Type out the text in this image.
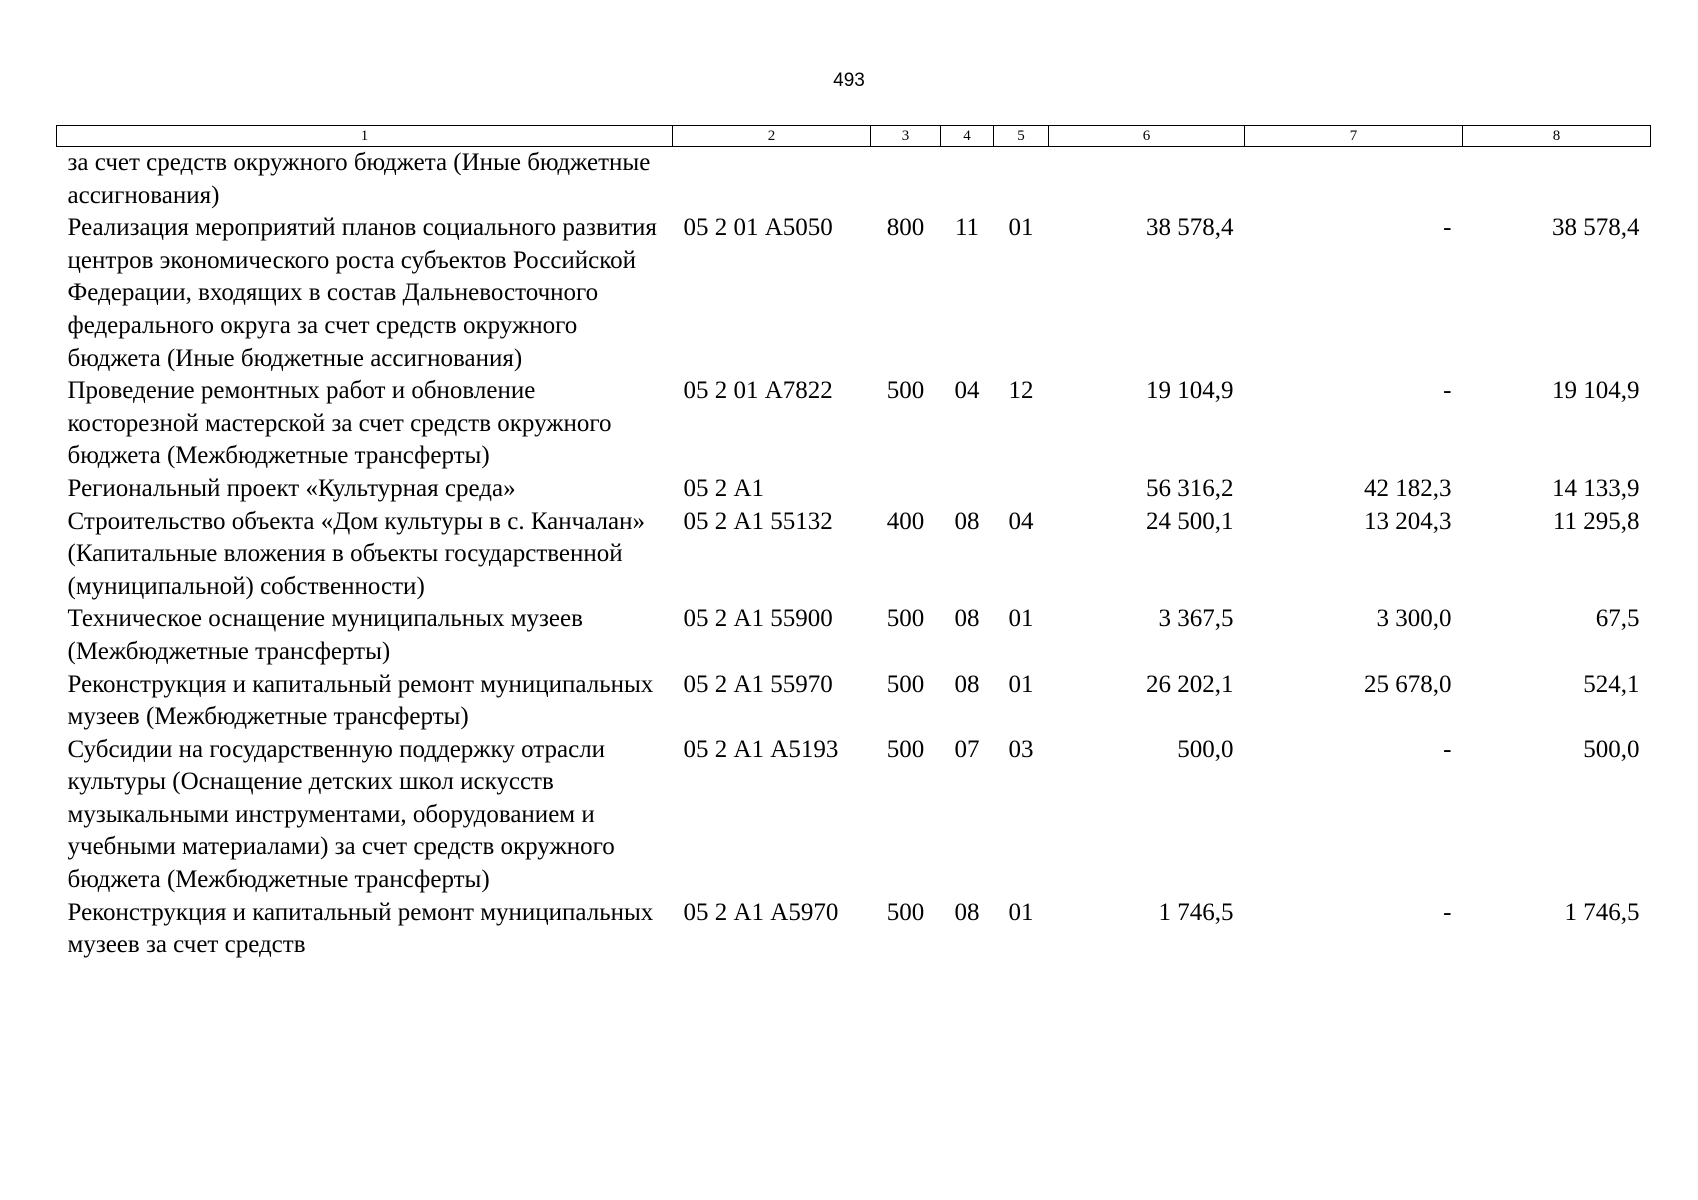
493
1	2	3	4	5	6	7	8
за счет средств окружного бюджета (Иные бюджетные ассигнования)							
Реализация мероприятий планов социального развития центров экономического роста субъектов Российской Федерации, входящих в состав Дальневосточного федерального округа за счет средств окружного бюджета (Иные бюджетные ассигнования)	05 2 01 А5050	800	11	01	38 578,4	-	38 578,4
Проведение ремонтных работ и обновление косторезной мастерской за счет средств окружного бюджета (Межбюджетные трансферты)	05 2 01 А7822	500	04	12	19 104,9	-	19 104,9
Региональный проект «Культурная среда»	05 2 А1				56 316,2	42 182,3	14 133,9
Строительство объекта «Дом культуры в с. Канчалан» (Капитальные вложения в объекты государственной (муниципальной) собственности)	05 2 А1 55132	400	08	04	24 500,1	13 204,3	11 295,8
Техническое оснащение муниципальных музеев (Межбюджетные трансферты)	05 2 А1 55900	500	08	01	3 367,5	3 300,0	67,5
Реконструкция и капитальный ремонт муниципальных музеев (Межбюджетные трансферты)	05 2 А1 55970	500	08	01	26 202,1	25 678,0	524,1
Субсидии на государственную поддержку отрасли культуры (Оснащение детских школ искусств музыкальными инструментами, оборудованием и учебными материалами) за счет средств окружного бюджета (Межбюджетные трансферты)	05 2 А1 А5193	500	07	03	500,0	-	500,0
Реконструкция и капитальный ремонт муниципальных музеев за счет средств	05 2 А1 А5970	500	08	01	1 746,5	-	1 746,5
